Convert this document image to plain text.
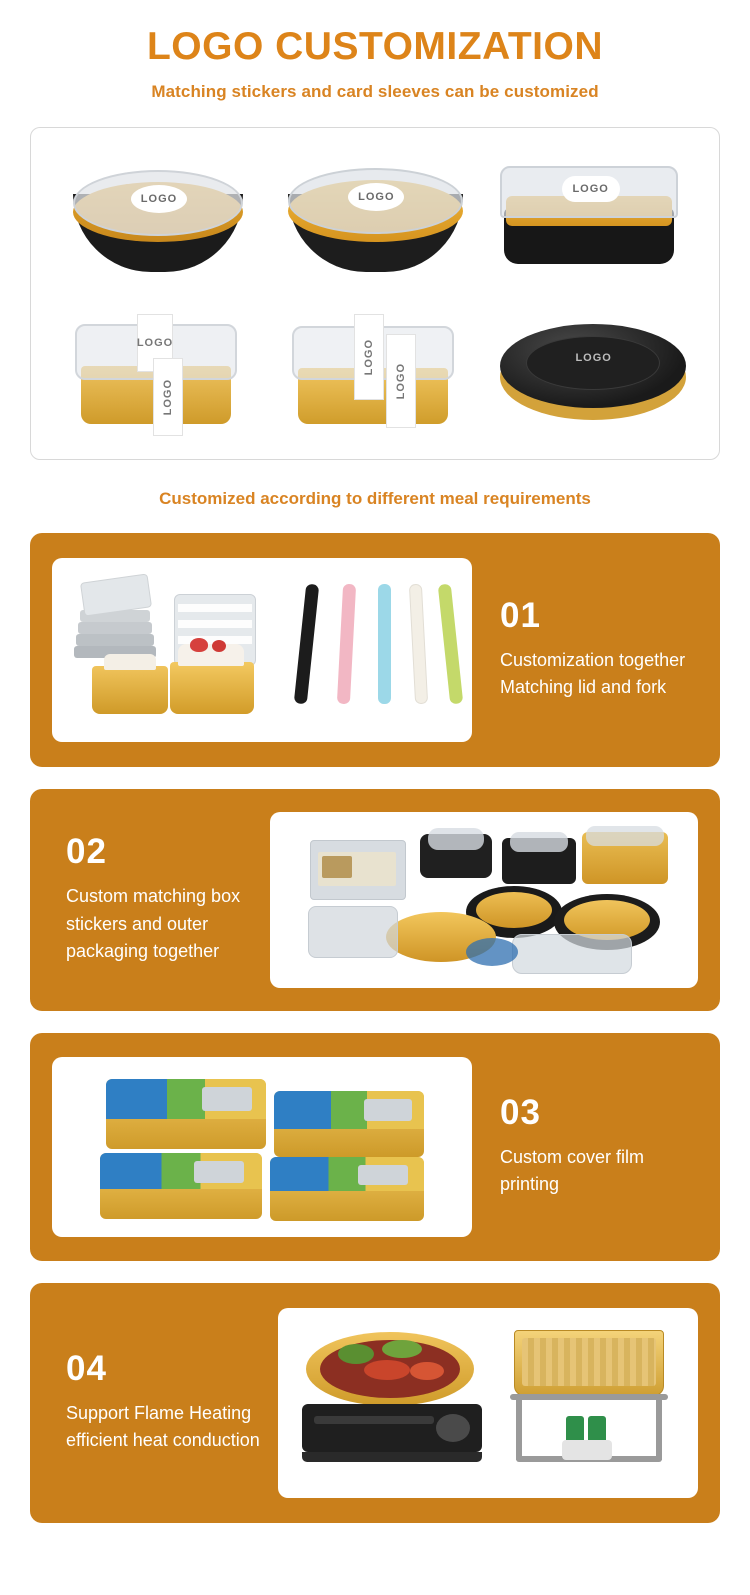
LOGO CUSTOMIZATION
Matching stickers and card sleeves can be customized
LOGO	LOGO
LOGO
LOGO
LOGO
LOGO
LOGO
LOGO
Customized according to different meal requirements
01
Customization together Matching lid and fork
02
Custom matching box stickers and outer packaging together
03
Custom cover film printing
04
Support Flame Heating efficient heat conduction
